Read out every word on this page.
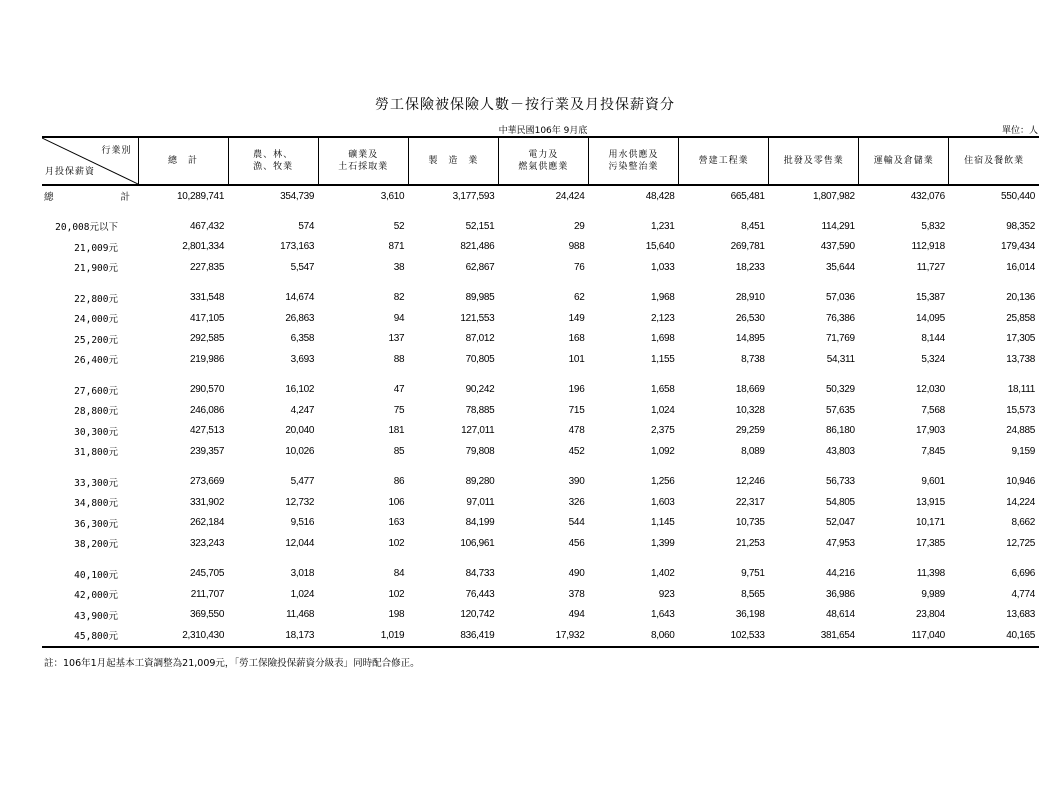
勞工保險被保險人數－按行業及月投保薪資分
中華民國106年 9月底	單位：人
行業別
月投保薪資	總　計	農、林、
漁、牧業	礦業及
土石採取業	製　造　業	電力及
燃氣供應業	用水供應及
污染整治業	營建工程業	批發及零售業	運輸及倉儲業	住宿及餐飲業

總 計	10,289,741	354,739	3,610	3,177,593	24,424	48,428	665,481	1,807,982	432,076	550,440

20,008元以下	467,432	574	52	52,151	29	1,231	8,451	114,291	5,832	98,352
21,009元	2,801,334	173,163	871	821,486	988	15,640	269,781	437,590	112,918	179,434
21,900元	227,835	5,547	38	62,867	76	1,033	18,233	35,644	11,727	16,014

22,800元	331,548	14,674	82	89,985	62	1,968	28,910	57,036	15,387	20,136
24,000元	417,105	26,863	94	121,553	149	2,123	26,530	76,386	14,095	25,858
25,200元	292,585	6,358	137	87,012	168	1,698	14,895	71,769	8,144	17,305
26,400元	219,986	3,693	88	70,805	101	1,155	8,738	54,311	5,324	13,738

27,600元	290,570	16,102	47	90,242	196	1,658	18,669	50,329	12,030	18,111
28,800元	246,086	4,247	75	78,885	715	1,024	10,328	57,635	7,568	15,573
30,300元	427,513	20,040	181	127,011	478	2,375	29,259	86,180	17,903	24,885
31,800元	239,357	10,026	85	79,808	452	1,092	8,089	43,803	7,845	9,159

33,300元	273,669	5,477	86	89,280	390	1,256	12,246	56,733	9,601	10,946
34,800元	331,902	12,732	106	97,011	326	1,603	22,317	54,805	13,915	14,224
36,300元	262,184	9,516	163	84,199	544	1,145	10,735	52,047	10,171	8,662
38,200元	323,243	12,044	102	106,961	456	1,399	21,253	47,953	17,385	12,725

40,100元	245,705	3,018	84	84,733	490	1,402	9,751	44,216	11,398	6,696
42,000元	211,707	1,024	102	76,443	378	923	8,565	36,986	9,989	4,774
43,900元	369,550	11,468	198	120,742	494	1,643	36,198	48,614	23,804	13,683
45,800元	2,310,430	18,173	1,019	836,419	17,932	8,060	102,533	381,654	117,040	40,165
註：106年1月起基本工資調整為21,009元，「勞工保險投保薪資分級表」同時配合修正。
